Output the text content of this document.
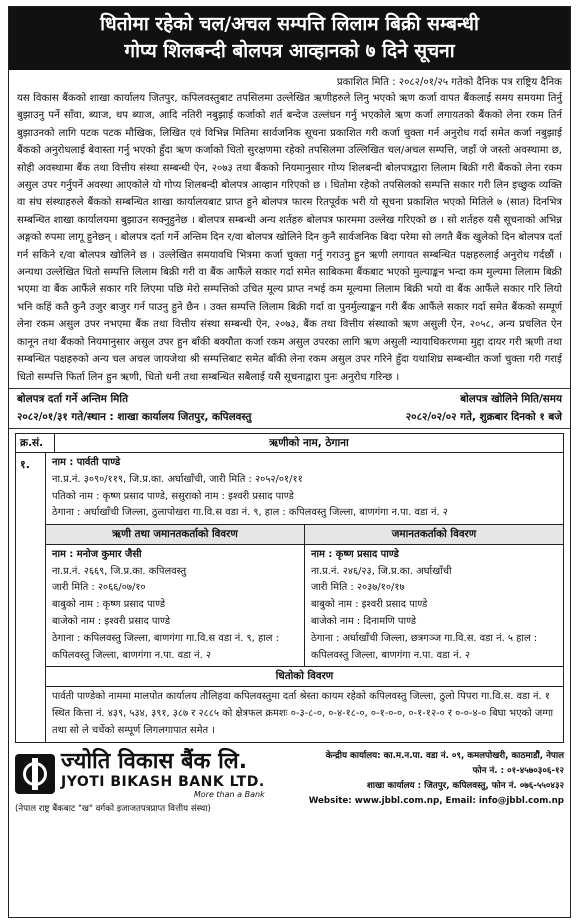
धितोमा रहेको चल/अचल सम्पत्ति लिलाम बिक्री सम्बन्धी
गोप्य शिलबन्दी बोलपत्र आव्हानको ७ दिने सूचना
प्रकाशित मिति : २०८२/०१/२५ गतेको दैनिक पत्र राष्ट्रिय दैनिक
यस विकास बैंकको शाखा कार्यालय जितपुर, कपिलवस्तुबाट तपसिलमा उल्लेखित ऋणीहरुले लिनु भएको ऋण कर्जा वापत बैंकलाई समय समयमा तिर्नु बुझाउनु पर्ने साँवा, ब्याज, थप ब्याज, आदि नतिरी नबुझाई कर्जाको शर्त बन्देज उल्लंघन गर्नु भएकोले ऋण कर्जा लगायतको बैंकको लेना रकम तिर्न बुझाउनको लागि पटक पटक मौखिक, लिखित एवं विभिन्न मितिमा सार्वजनिक सूचना प्रकाशित गरी कर्जा चुक्ता गर्न अनुरोध गर्दा समेत कर्जा नबुझाई बैंकको अनुरोधलाई बेवास्ता गर्नु भएको हुँदा ऋण कर्जाको धितो सुरक्षणमा रहेको तपसिलमा उल्लिखित चल/अचल सम्पत्ति, जहाँ जे जस्तो अवस्थामा छ, सोही अवस्थामा बैंक तथा वित्तीय संस्था सम्बन्धी ऐन, २०७३ तथा बैंकको नियमानुसार गोप्य शिलबन्दी बोलपत्रद्वारा लिलाम बिक्री गरी बैंकको लेना रकम असुल उपर गर्नुपर्ने अवस्था आएकोले यो गोप्य शिलबन्दी बोलपत्र आव्हान गरिएको छ । धितोमा रहेको तपसिलको सम्पत्ति सकार गरी लिन इच्छुक व्यक्ति वा संघ संस्थाहरुले बैंकको सम्बन्धित शाखा कार्यालयबाट प्राप्त हुने बोलपत्र फारम रितपूर्वक भरी यो सूचना प्रकाशित भएको मितिले ७ (सात) दिनभित्र सम्बन्धित शाखा कार्यालयमा बुझाउन सक्नुहुनेछ । बोलपत्र सम्बन्धी अन्य शर्तहरु बोलपत्र फारममा उल्लेख गरिएको छ । सो शर्तहरु यसै सूचनाको अभिन्न अङ्गको रुपमा लागू हुनेछन् । बोलपत्र दर्ता गर्ने अन्तिम दिन र/वा बोलपत्र खोलिने दिन कुनै सार्वजनिक बिदा परेमा सो लगतै बैंक खुलेको दिन बोलपत्र दर्ता गर्न सकिने र/वा बोलपत्र खोलिने छ । उल्लेखित समयावधि भित्रमा कर्जा चुक्ता गर्नु गराउनु हुन ऋणी लगायत सम्बन्धित पक्षहरुलाई अनुरोध गर्दछौं । अन्यथा उल्लेखित धितो सम्पत्ति लिलाम बिक्री गरी वा बैंक आफैंले सकार गर्दा समेत साबिकमा बैंकबाट भएको मुल्याङ्कन भन्दा कम मुल्यमा लिलाम बिक्री भएमा वा बैंक आफैंले सकार गरि लिएमा पछि मेरो सम्पत्तिको उचित मूल्य प्राप्त नभई कम मूल्यमा लिलाम बिक्री भयो वा बैंक आफैंले सकार गरि लियो भनि कहिं कतै कुनै उजुर बाजुर गर्न पाउनु हुने छैन । उक्त सम्पत्ति लिलाम बिक्री गर्दा वा पुनर्मुल्याङ्कन गरी बैंक आफैंले सकार गर्दा समेत बैंकको सम्पूर्ण लेना रकम असुल उपर नभएमा बैंक तथा वित्तीय संस्था सम्बन्धी ऐन, २०७३, बैंक तथा वित्तीय संस्थाको ऋण असुली ऐन, २०५८, अन्य प्रचलित ऐन कानून तथा बैंकको नियमानुसार असुल उपर हुन बाँकी बक्यौता कर्जा रकम असुल उपरका लागि ऋण असुली न्यायाधिकरणमा मुद्दा दायर गरी ऋणी तथा सम्बन्धित पक्षहरुको अन्य चल अचल जायजेथा श्री सम्पत्तिबाट समेत बाँकी लेना रकम असुल उपर गरिने हुँदा यथाशिघ्र सम्बन्धीत कर्जा चुक्ता गरी गराई धितो सम्पत्ति फिर्ता लिन हुन ऋणी, धितो धनी तथा सम्बन्धित सबैलाई यसै सूचनाद्वारा पुनः अनुरोध गरिन्छ ।
बोलपत्र दर्ता गर्ने अन्तिम मिति	बोलपत्र खोलिने मिति/समय
२०८२/०१/३१ गते/स्थान : शाखा कार्यालय जितपुर, कपिलवस्तु	२०८२/०२/०२ गते, शुक्रबार दिनको १ बजे
क्र.सं.	ऋणीको नाम, ठेगाना
१.	नाम : पार्वती पाण्डे
ना.प्र.नं. ३०९०/११९, जि.प्र.का. अर्घाखाँची, जारी मिति : २०५२/०१/११
पतिको नाम : कृष्ण प्रसाद पाण्डे, ससुराको नाम : इश्वरी प्रसाद पाण्डे
ठेगाना : अर्घाखाँची जिल्ला, ठुलापोखरा गा.वि.स वडा नं. ९, हाल : कपिलवस्तु जिल्ला, बाणगंगा न.पा. वडा नं. २
ऋणी तथा जमानतकर्ताको विवरण
नाम : मनोज कुमार जैसी
ना.प्र.नं. २६६९, जि.प्र.का. कपिलवस्तु
जारी मिति : २०६६/०७/१०
बाबुको नाम : कृष्ण प्रसाद पाण्डे
बाजेको नाम : इश्वरी प्रसाद पाण्डे
ठेगाना : कपिलवस्तु जिल्ला, बाणगंगा गा.वि.स वडा नं. ९, हाल : कपिलवस्तु जिल्ला, बाणगंगा न.पा. वडा नं. २
जमानतकर्ताको विवरण
नाम : कृष्ण प्रसाद पाण्डे
ना.प्र.नं. २४६/२३, जि.प्र.का. अर्घाखाँची
जारी मिति : २०३७/१०/१७
बाबुको नाम : इश्वरी प्रसाद पाण्डे
बाजेको नाम : दिनामणि पाण्डे
ठेगाना : अर्घाखाँची जिल्ला, छत्रगञ्ज गा.वि.स. वडा नं. ५ हाल : कपिलवस्तु जिल्ला, बाणगंगा न.पा. वडा नं. २
धितोको विवरण
पार्वती पाण्डेको नाममा मालपोत कार्यालय तौलिहवा कपिलवस्तुमा दर्ता श्रेस्ता कायम रहेको कपिलवस्तु जिल्ला, ठुलो पिपरा गा.वि.स. वडा नं. १ स्थित कित्ता नं. ४३९, ५३४, ३९१, ३८७ र २८८५ को क्षेत्रफल क्रमशः ०-३-८-०, ०-४-१८-०, ०-१-०-०, ०-१-१२-० र ०-०-४-० बिघा भएको जग्गा तथा सो ले चर्चेको सम्पूर्ण लिगलगापात समेत ।
ज्योति विकास बैंक लि.
JYOTI BIKASH BANK LTD.
More than a Bank
(नेपाल राष्ट्र बैंकबाट "ख" वर्गको इजाजतपत्रप्राप्त वित्तीय संस्था)
केन्द्रीय कार्यालय: का.म.न.पा. वडा नं. ०९, कमलपोखरी, काठमाडौं, नेपाल
फोन नं. : ०१-४५७०३०६-१२
शाखा कार्यालय : जितपुर, कपिलवस्तु, फोन नं. ०७६-५५०४३२
Website: www.jbbl.com.np, Email: info@jbbl.com.np
